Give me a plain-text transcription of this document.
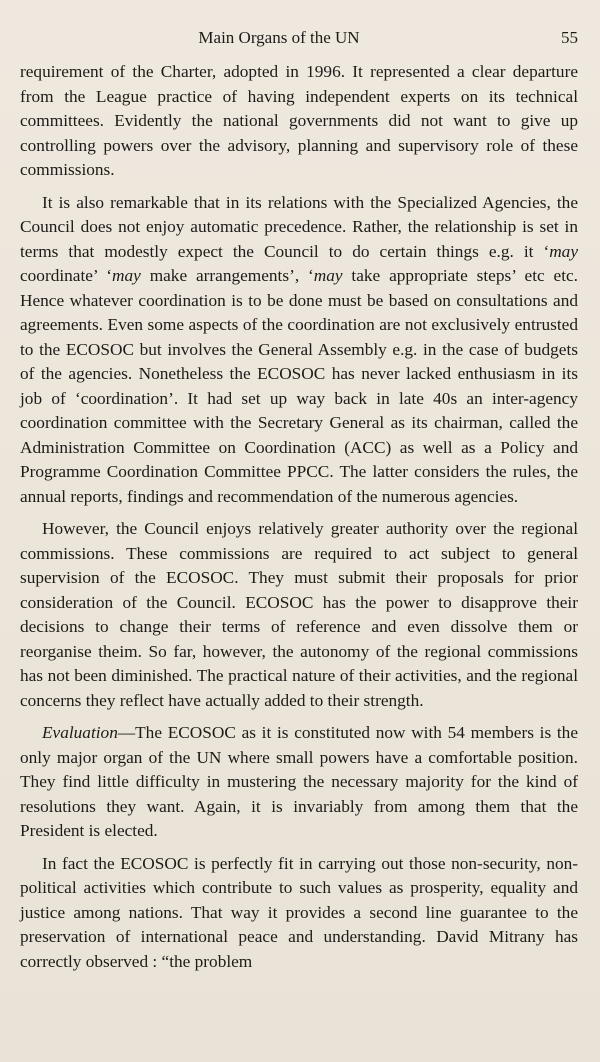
Main Organs of the UN	55

requirement of the Charter, adopted in 1996. It represented a clear departure from the League practice of having independent experts on its technical committees. Evidently the national governments did not want to give up controlling powers over the advisory, planning and supervisory role of these commissions.

It is also remarkable that in its relations with the Specialized Agencies, the Council does not enjoy automatic precedence. Rather, the relationship is set in terms that modestly expect the Council to do certain things e.g. it ‘may coordinate’ ‘may make arrangements’, ‘may take appropriate steps’ etc etc. Hence whatever coordination is to be done must be based on consultations and agreements. Even some aspects of the coordination are not exclusively entrusted to the ECOSOC but involves the General Assembly e.g. in the case of budgets of the agencies. Nonetheless the ECOSOC has never lacked enthusiasm in its job of ‘coordination’. It had set up way back in late 40s an inter-agency coordination committee with the Secretary General as its chairman, called the Administration Committee on Coordination (ACC) as well as a Policy and Programme Coordination Committee PPCC. The latter considers the rules, the annual reports, findings and recommendation of the numerous agencies.

However, the Council enjoys relatively greater authority over the regional commissions. These commissions are required to act subject to general supervision of the ECOSOC. They must submit their proposals for prior consideration of the Council. ECOSOC has the power to disapprove their decisions to change their terms of reference and even dissolve them or reorganise theim. So far, however, the autonomy of the regional commissions has not been diminished. The practical nature of their activities, and the regional concerns they reflect have actually added to their strength.

Evaluation—The ECOSOC as it is constituted now with 54 members is the only major organ of the UN where small powers have a comfortable position. They find little difficulty in mustering the necessary majority for the kind of resolutions they want. Again, it is invariably from among them that the President is elected.

In fact the ECOSOC is perfectly fit in carrying out those non-security, non-political activities which contribute to such values as prosperity, equality and justice among nations. That way it provides a second line guarantee to the preservation of international peace and understanding. David Mitrany has correctly observed : “the problem
